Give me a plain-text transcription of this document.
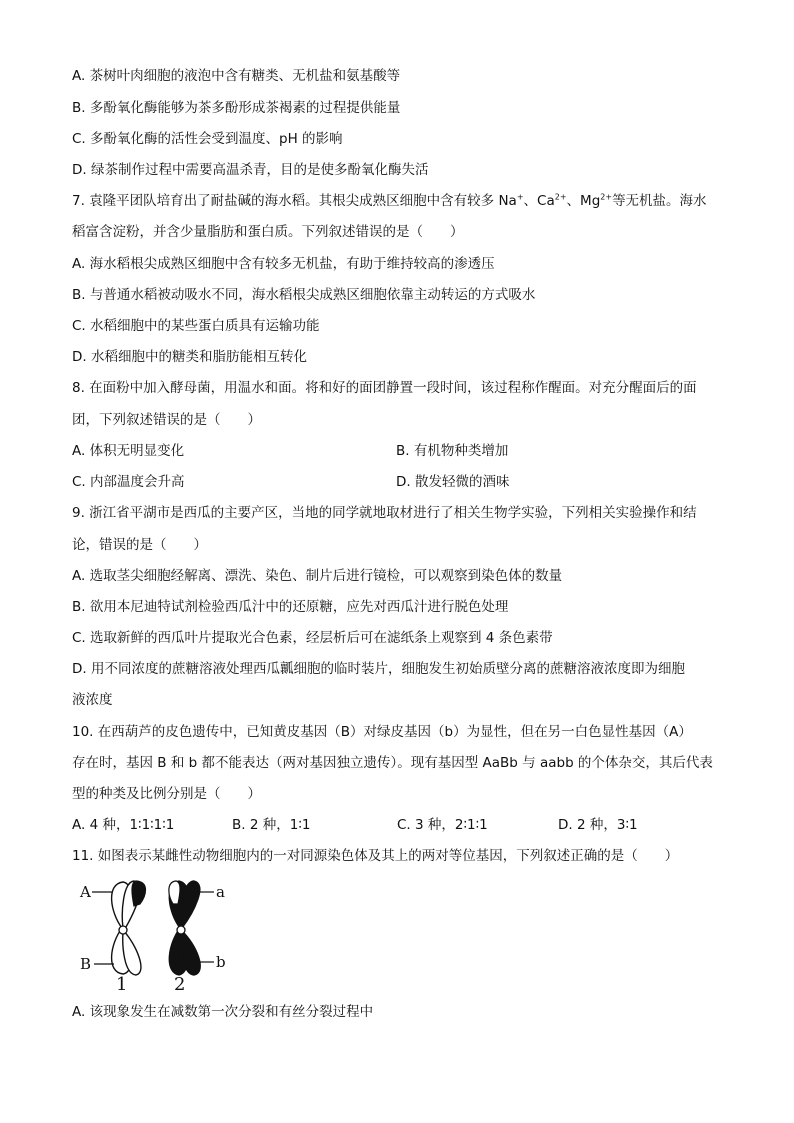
A. 茶树叶肉细胞的液泡中含有糖类、无机盐和氨基酸等
B. 多酚氧化酶能够为茶多酚形成茶褐素的过程提供能量
C. 多酚氧化酶的活性会受到温度、pH 的影响
D. 绿茶制作过程中需要高温杀青，目的是使多酚氧化酶失活
7. 袁隆平团队培育出了耐盐碱的海水稻。其根尖成熟区细胞中含有较多 Na+、$Ca^{2+}$、$Mg^{2+}$等无机盐。海水
稻富含淀粉，并含少量脂肪和蛋白质。下列叙述错误的是（　　）
A. 海水稻根尖成熟区细胞中含有较多无机盐，有助于维持较高的渗透压
B. 与普通水稻被动吸水不同，海水稻根尖成熟区细胞依靠主动转运的方式吸水
C. 水稻细胞中的某些蛋白质具有运输功能
D. 水稻细胞中的糖类和脂肪能相互转化
8. 在面粉中加入酵母菌，用温水和面。将和好的面团静置一段时间，该过程称作醒面。对充分醒面后的面
团，下列叙述错误的是（　　）
A. 体积无明显变化	B. 有机物种类增加
C. 内部温度会升高	D. 散发轻微的酒味
9. 浙江省平湖市是西瓜的主要产区，当地的同学就地取材进行了相关生物学实验，下列相关实验操作和结
论，错误的是（　　）
A. 选取茎尖细胞经解离、漂洗、染色、制片后进行镜检，可以观察到染色体的数量
B. 欲用本尼迪特试剂检验西瓜汁中的还原糖，应先对西瓜汁进行脱色处理
C. 选取新鲜的西瓜叶片提取光合色素，经层析后可在滤纸条上观察到 4 条色素带
D. 用不同浓度的蔗糖溶液处理西瓜瓤细胞的临时装片，细胞发生初始质壁分离的蔗糖溶液浓度即为细胞
液浓度
10. 在西葫芦的皮色遗传中，已知黄皮基因（B）对绿皮基因（b）为显性，但在另一白色显性基因（A）
存在时，基因 B 和 b 都不能表达（两对基因独立遗传）。现有基因型 AaBb 与 aabb 的个体杂交，其后代表
型的种类及比例分别是（　　）
A. 4 种，1∶1∶1∶1	B. 2 种，1∶1	C. 3 种，2∶1∶1	D. 2 种，3∶1
11. 如图表示某雌性动物细胞内的一对同源染色体及其上的两对等位基因，下列叙述正确的是（　　）
A
B
a
b
1	2
A. 该现象发生在减数第一次分裂和有丝分裂过程中
